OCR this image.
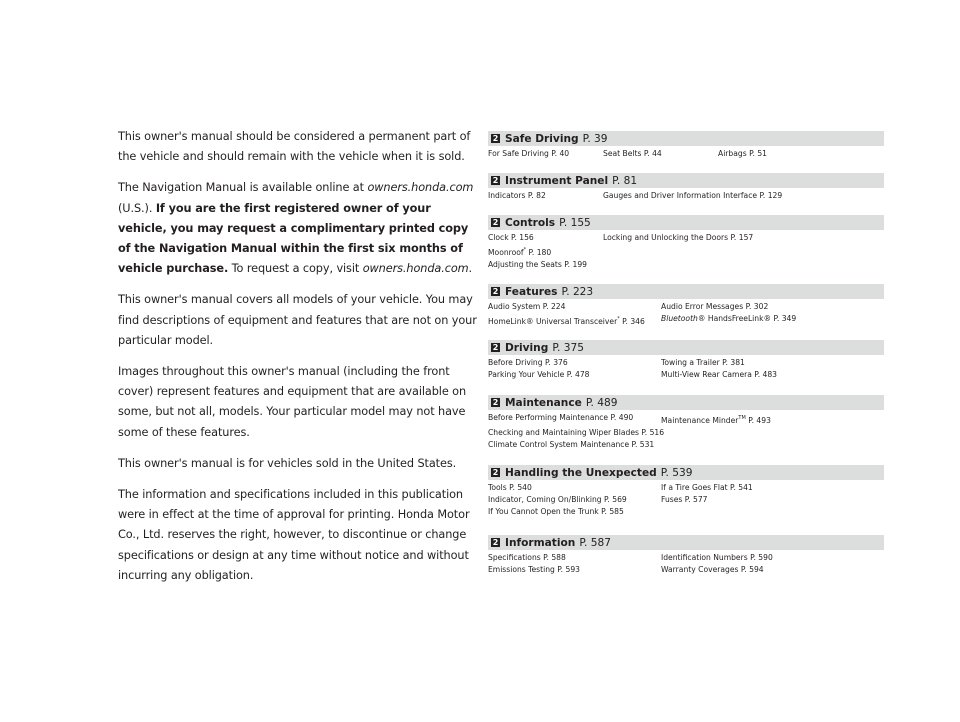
This owner's manual should be considered a permanent part of the vehicle and should remain with the vehicle when it is sold.

The Navigation Manual is available online at owners.honda.com (U.S.). If you are the first registered owner of your vehicle, you may request a complimentary printed copy of the Navigation Manual within the first six months of vehicle purchase. To request a copy, visit owners.honda.com.

This owner's manual covers all models of your vehicle. You may find descriptions of equipment and features that are not on your particular model.

Images throughout this owner's manual (including the front cover) represent features and equipment that are available on some, but not all, models. Your particular model may not have some of these features.

This owner's manual is for vehicles sold in the United States.

The information and specifications included in this publication were in effect at the time of approval for printing. Honda Motor Co., Ltd. reserves the right, however, to discontinue or change specifications or design at any time without notice and without incurring any obligation.

2 Safe Driving P. 39
For Safe Driving P. 40	Seat Belts P. 44	Airbags P. 51
2 Instrument Panel P. 81
Indicators P. 82	Gauges and Driver Information Interface P. 129
2 Controls P. 155
Clock P. 156	Locking and Unlocking the Doors P. 157
Moonroof* P. 180
Adjusting the Seats P. 199
2 Features P. 223
Audio System P. 224	Audio Error Messages P. 302
HomeLink® Universal Transceiver* P. 346	Bluetooth® HandsFreeLink® P. 349
2 Driving P. 375
Before Driving P. 376	Towing a Trailer P. 381
Parking Your Vehicle P. 478	Multi-View Rear Camera P. 483
2 Maintenance P. 489
Before Performing Maintenance P. 490	Maintenance Minder™ P. 493
Checking and Maintaining Wiper Blades P. 516
Climate Control System Maintenance P. 531
2 Handling the Unexpected P. 539
Tools P. 540	If a Tire Goes Flat P. 541
Indicator, Coming On/Blinking P. 569	Fuses P. 577
If You Cannot Open the Trunk P. 585
2 Information P. 587
Specifications P. 588	Identification Numbers P. 590
Emissions Testing P. 593	Warranty Coverages P. 594
